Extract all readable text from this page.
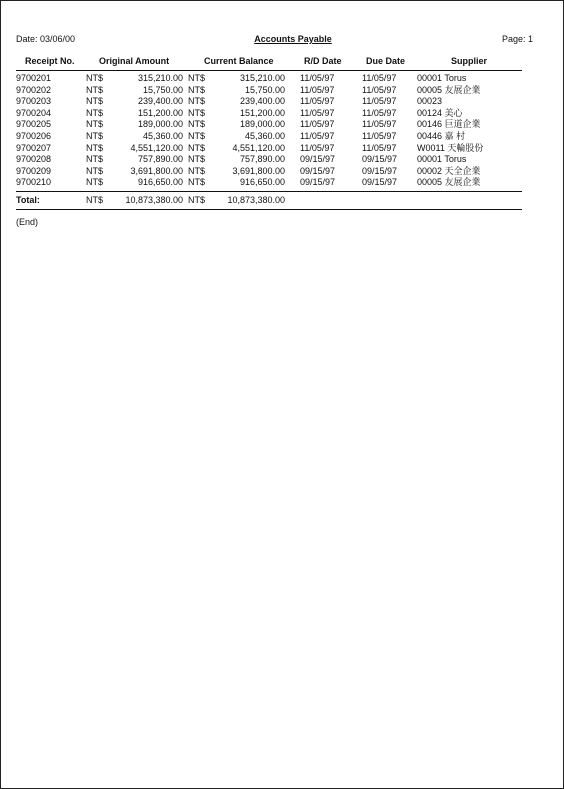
Date: 03/06/00	Accounts Payable	Page: 1
Receipt No.	Original Amount	Current Balance	R/D Date	Due Date	Supplier
9700201	NT$	315,210.00 NT$	315,210.00 11/05/97	11/05/97 00001 Torus
9700202	NT$	15,750.00 NT$	15,750.00 11/05/97	11/05/97 00005 友展企業
9700203	NT$	239,400.00 NT$	239,400.00 11/05/97	11/05/97 00023
9700204	NT$	151,200.00 NT$	151,200.00 11/05/97	11/05/97 00124 美心
9700205	NT$	189,000.00 NT$	189,000.00 11/05/97	11/05/97 00146 巨道企業
9700206	NT$	45,360.00 NT$	45,360.00 11/05/97	11/05/97 00446 嘉 村
9700207	NT$	4,551,120.00 NT$	4,551,120.00 11/05/97	11/05/97 W0011 天輪股份
9700208	NT$	757,890.00 NT$	757,890.00 09/15/97	09/15/97 00001 Torus
9700209	NT$	3,691,800.00 NT$	3,691,800.00 09/15/97	09/15/97 00002 天全企業
9700210	NT$	916,650.00 NT$	916,650.00 09/15/97	09/15/97 00005 友展企業
Total:	NT$ 10,873,380.00 NT$ 10,873,380.00
(End)
